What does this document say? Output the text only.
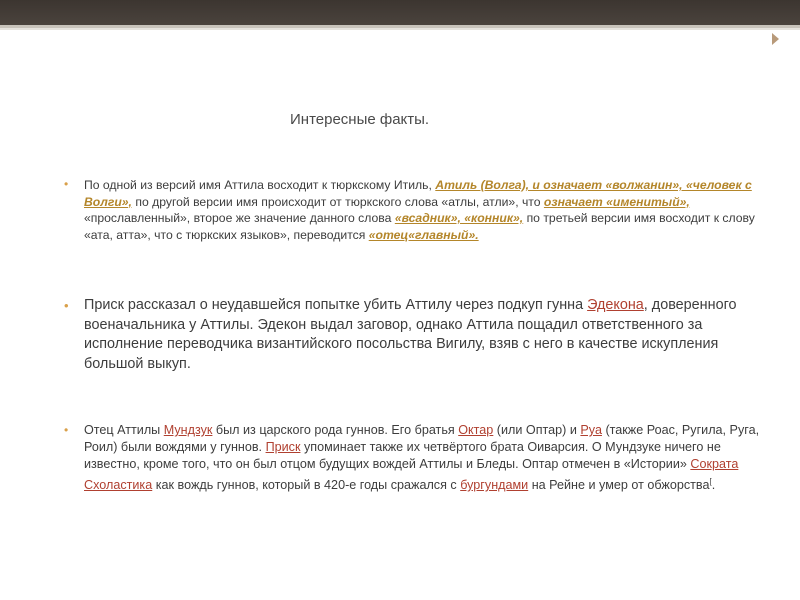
Интересные факты.
• По одной из версий имя Аттила восходит к тюркскому Итиль, Атиль (Волга), и означает «волжанин», «человек с Волги», по другой версии имя происходит от тюркского слова «атлы, атли», что означает «именитый», «прославленный», второе же значение данного слова «всадник», «конник», по третьей версии имя восходит к слову «ата, атта», что с тюркских языков», переводится «отец«главный».
• Приск рассказал о неудавшейся попытке убить Аттилу через подкуп гунна Эдекона, доверенного военачальника у Аттилы. Эдекон выдал заговор, однако Аттила пощадил ответственного за исполнение переводчика византийского посольства Вигилу, взяв с него в качестве искупления большой выкуп.
• Отец Аттилы Мундзук был из царского рода гуннов. Его братья Октар (или Оптар) и Руа (также Роас, Ругила, Руга, Роил) были вождями у гуннов. Приск упоминает также их четвёртого брата Оиварсия. О Мундзуке ничего не известно, кроме того, что он был отцом будущих вождей Аттилы и Бледы. Оптар отмечен в «Истории» Сократа Схоластика как вождь гуннов, который в 420-е годы сражался с бургундами на Рейне и умер от обжорства[.
